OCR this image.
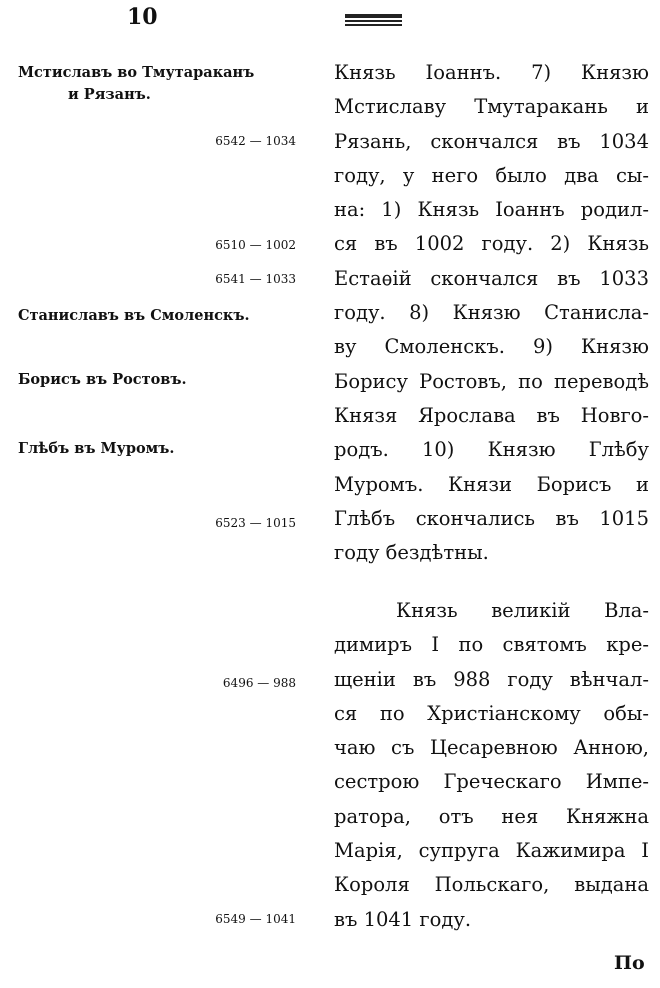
10
Мстиславъ во Тмутараканъ
и Рязанъ.
6542 — 1034
6510 — 1002
6541 — 1033
Станиславъ въ Смоленскъ.
Борисъ въ Ростовъ.
Глѣбъ въ Муромъ.
6523 — 1015
6496 — 988
6549 — 1041
Князь Іоаннъ. 7) Князю
Мстиславу Тмутаракань и
Рязань, скончался въ 1034
году, у него было два сы-
на: 1) Князь Іоаннъ родил-
ся въ 1002 году. 2) Князь
Естаѳій скончался въ 1033
году. 8) Князю Станисла-
ву Смоленскъ. 9) Князю
Борису Ростовъ, по переводѣ
Князя Ярослава въ Новго-
родъ. 10) Князю Глѣбу
Муромъ. Князи Борисъ и
Глѣбъ скончались въ 1015
году бездѣтны.
Князь великій Вла-
димиръ I по святомъ кре-
щеніи въ 988 году вѣнчал-
ся по Христіанскому обы-
чаю съ Цесаревною Анною,
сестрою Греческаго Импе-
ратора, отъ нея Княжна
Марія, супруга Кажимира I
Короля Польскаго, выдана
въ 1041 году.
По
